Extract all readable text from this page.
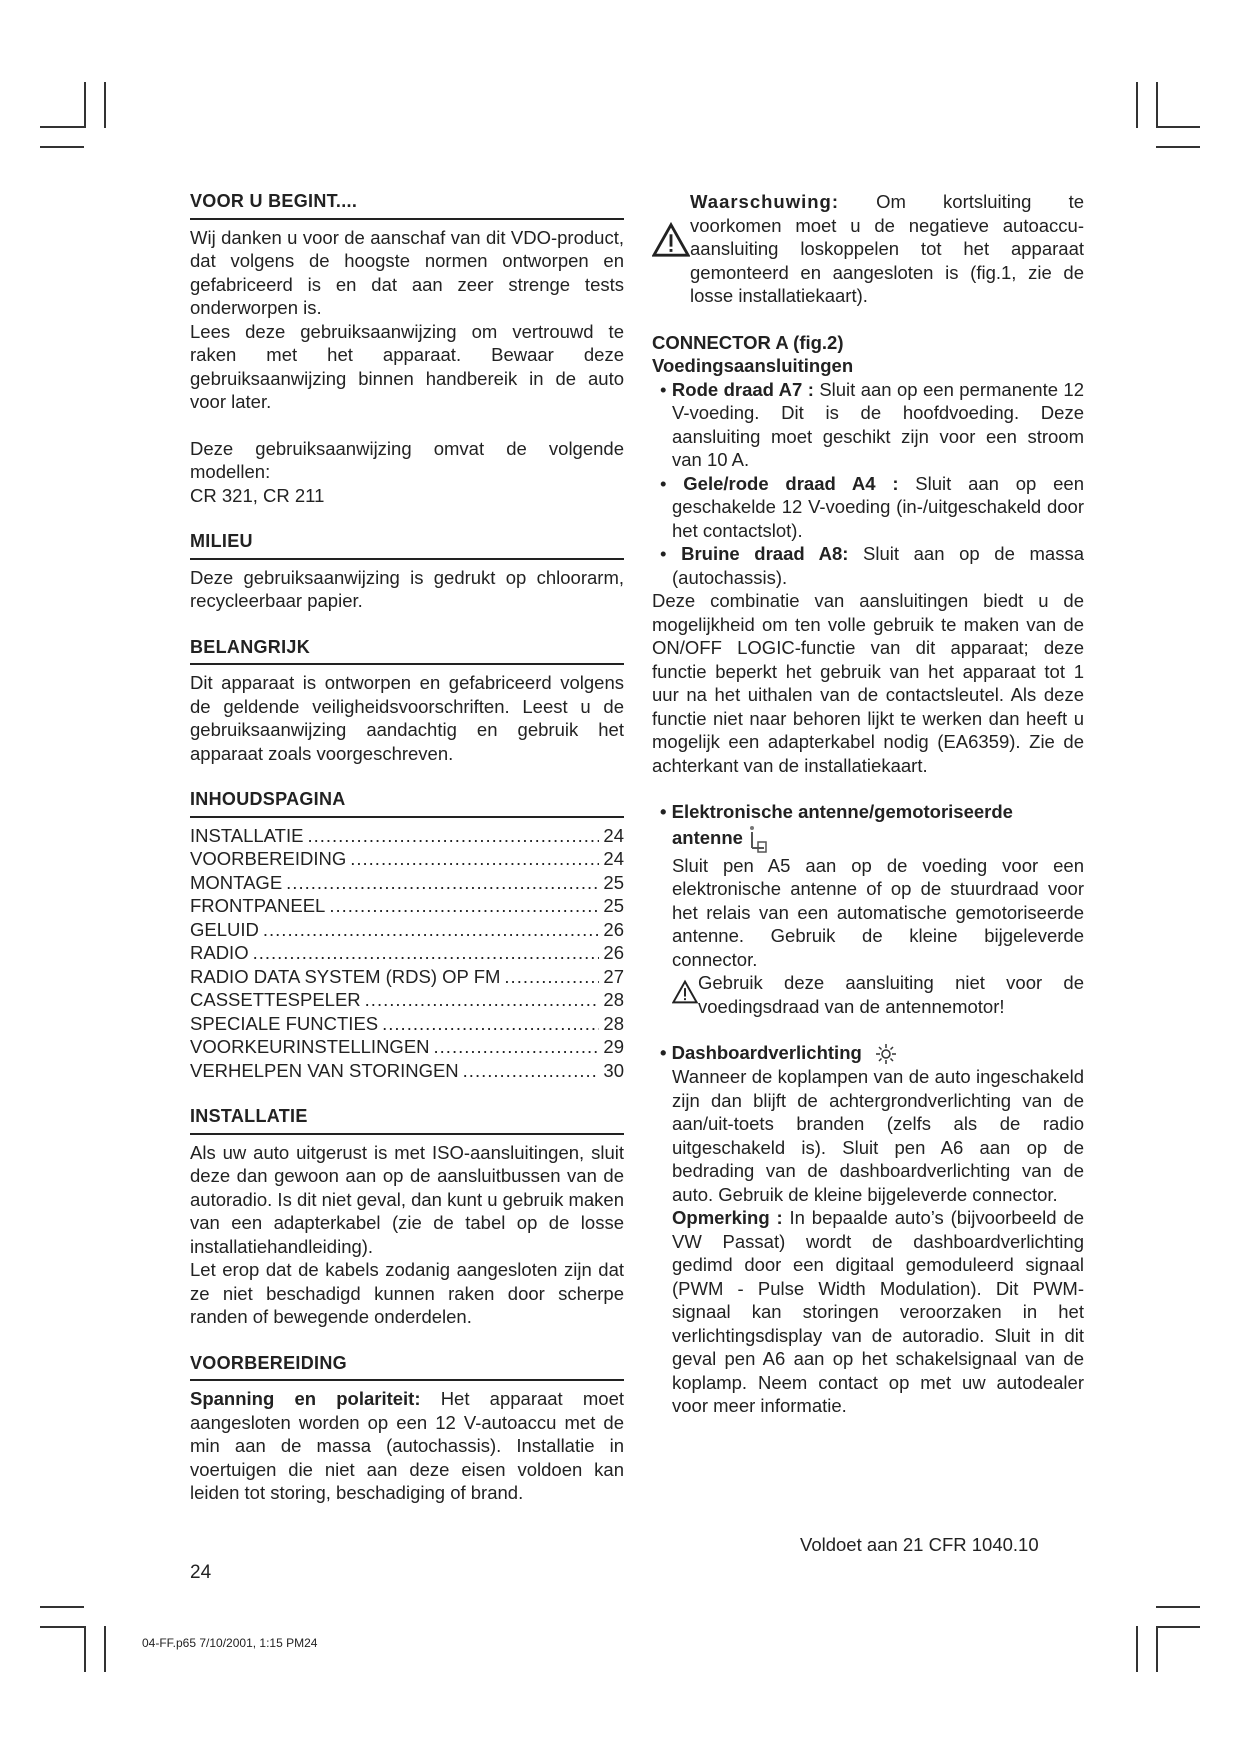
VOOR U BEGINT....
Wij danken u voor de aanschaf van dit VDO-product, dat volgens de hoogste normen ontworpen en gefabriceerd is en dat aan zeer strenge tests onderworpen is.
Lees deze gebruiksaanwijzing om vertrouwd te raken met het apparaat. Bewaar deze gebruiksaanwijzing binnen handbereik in de auto voor later.
Deze gebruiksaanwijzing omvat de volgende modellen:
CR 321, CR 211
MILIEU
Deze gebruiksaanwijzing is gedrukt op chloorarm, recycleerbaar papier.
BELANGRIJK
Dit apparaat is ontworpen en gefabriceerd volgens de geldende veiligheidsvoorschriften. Leest u de gebruiksaanwijzing aandachtig en gebruik het apparaat zoals voorgeschreven.
INHOUDSPAGINA
INSTALLATIE .....	24
VOORBEREIDING .....	24
MONTAGE .....	25
FRONTPANEEL .....	25
GELUID .....	26
RADIO .....	26
RADIO DATA SYSTEM (RDS) OP FM .....	27
CASSETTESPELER .....	28
SPECIALE FUNCTIES .....	28
VOORKEURINSTELLINGEN .....	29
VERHELPEN VAN STORINGEN .....	30
INSTALLATIE
Als uw auto uitgerust is met ISO-aansluitingen, sluit deze dan gewoon aan op de aansluitbussen van de autoradio. Is dit niet geval, dan kunt u gebruik maken van een adapterkabel (zie de tabel op de losse installatiehandleiding).
Let erop dat de kabels zodanig aangesloten zijn dat ze niet beschadigd kunnen raken door scherpe randen of bewegende onderdelen.
VOORBEREIDING
Spanning en polariteit: Het apparaat moet aangesloten worden op een 12 V-autoaccu met de min aan de massa (autochassis). Installatie in voertuigen die niet aan deze eisen voldoen kan leiden tot storing, beschadiging of brand.
Waarschuwing: Om kortsluiting te voorkomen moet u de negatieve autoaccu-aansluiting loskoppelen tot het apparaat gemonteerd en aangesloten is (fig.1, zie de losse installatiekaart).
CONNECTOR A (fig.2)
Voedingsaansluitingen
• Rode draad A7 : Sluit aan op een permanente 12 V-voeding. Dit is de hoofdvoeding. Deze aansluiting moet geschikt zijn voor een stroom van 10 A.
• Gele/rode draad A4 : Sluit aan op een geschakelde 12 V-voeding (in-/uitgeschakeld door het contactslot).
• Bruine draad A8: Sluit aan op de massa (autochassis).
Deze combinatie van aansluitingen biedt u de mogelijkheid om ten volle gebruik te maken van de ON/OFF LOGIC-functie van dit apparaat; deze functie beperkt het gebruik van het apparaat tot 1 uur na het uithalen van de contactsleutel. Als deze functie niet naar behoren lijkt te werken dan heeft u mogelijk een adapterkabel nodig (EA6359). Zie de achterkant van de installatiekaart.
• Elektronische antenne/gemotoriseerde antenne
Sluit pen A5 aan op de voeding voor een elektronische antenne of op de stuurdraad voor het relais van een automatische gemotoriseerde antenne. Gebruik de kleine bijgeleverde connector.
Gebruik deze aansluiting niet voor de voedingsdraad van de antennemotor!
• Dashboardverlichting
Wanneer de koplampen van de auto ingeschakeld zijn dan blijft de achtergrondverlichting van de aan/uit-toets branden (zelfs als de radio uitgeschakeld is). Sluit pen A6 aan op de bedrading van de dashboardverlichting van de auto. Gebruik de kleine bijgeleverde connector.
Opmerking : In bepaalde auto’s (bijvoorbeeld de VW Passat) wordt de dashboardverlichting gedimd door een digitaal gemoduleerd signaal (PWM - Pulse Width Modulation). Dit PWM-signaal kan storingen veroorzaken in het verlichtingsdisplay van de autoradio. Sluit in dit geval pen A6 aan op het schakelsignaal van de koplamp. Neem contact op met uw autodealer voor meer informatie.
Voldoet aan 21 CFR 1040.10
24
04-FF.p65 7/10/2001, 1:15 PM24
